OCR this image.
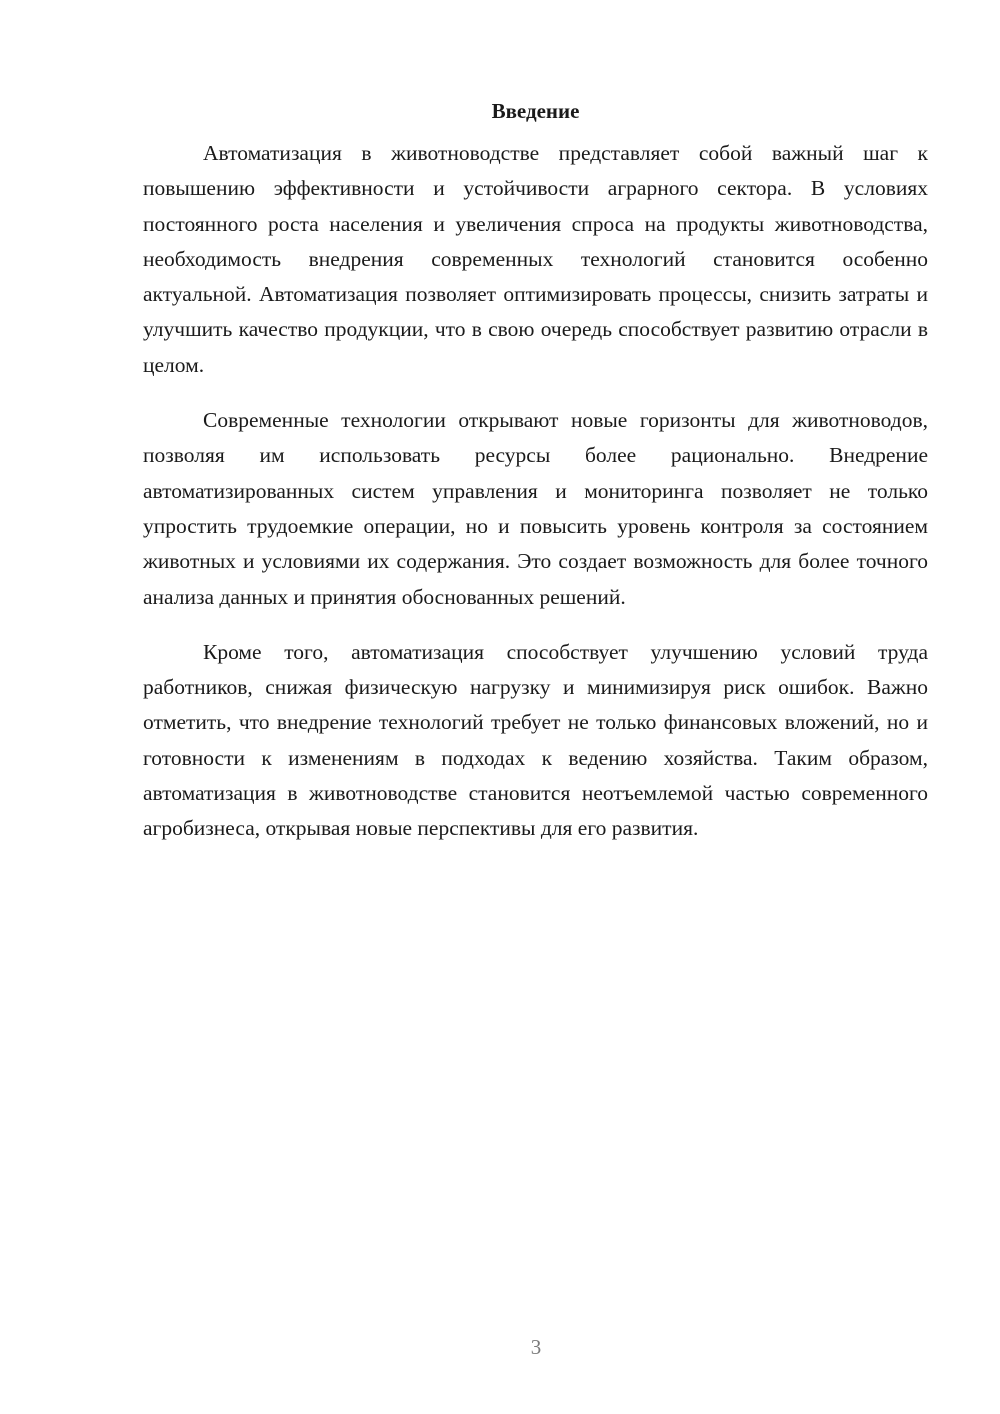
Введение

Автоматизация в животноводстве представляет собой важный шаг к повышению эффективности и устойчивости аграрного сектора. В условиях постоянного роста населения и увеличения спроса на продукты животноводства, необходимость внедрения современных технологий становится особенно актуальной. Автоматизация позволяет оптимизировать процессы, снизить затраты и улучшить качество продукции, что в свою очередь способствует развитию отрасли в целом.

Современные технологии открывают новые горизонты для животноводов, позволяя им использовать ресурсы более рационально. Внедрение автоматизированных систем управления и мониторинга позволяет не только упростить трудоемкие операции, но и повысить уровень контроля за состоянием животных и условиями их содержания. Это создает возможность для более точного анализа данных и принятия обоснованных решений.

Кроме того, автоматизация способствует улучшению условий труда работников, снижая физическую нагрузку и минимизируя риск ошибок. Важно отметить, что внедрение технологий требует не только финансовых вложений, но и готовности к изменениям в подходах к ведению хозяйства. Таким образом, автоматизация в животноводстве становится неотъемлемой частью современного агробизнеса, открывая новые перспективы для его развития.

3
